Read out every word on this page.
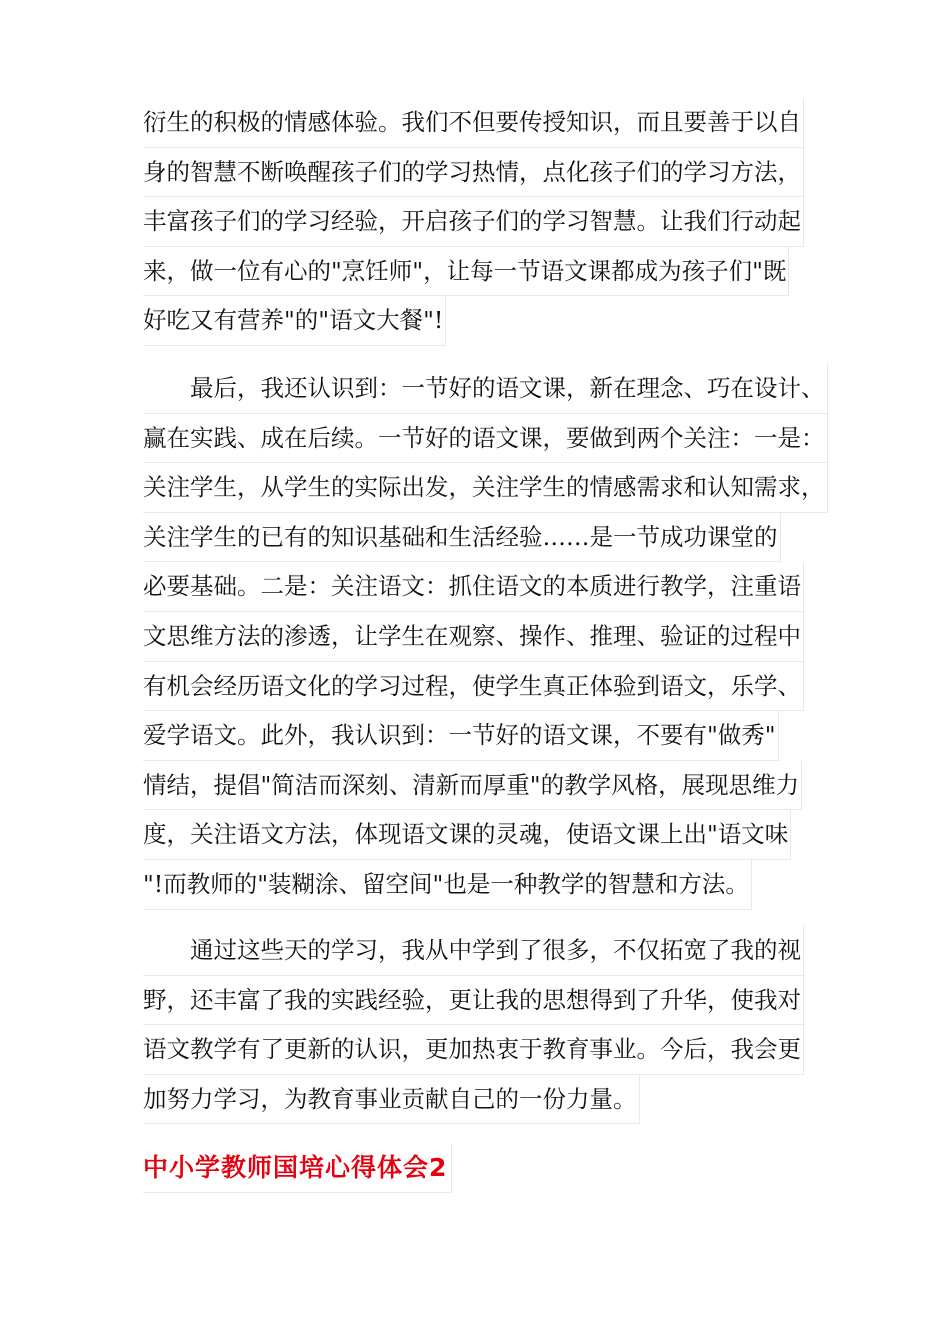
衍生的积极的情感体验。我们不但要传授知识，而且要善于以自
身的智慧不断唤醒孩子们的学习热情，点化孩子们的学习方法，
丰富孩子们的学习经验，开启孩子们的学习智慧。让我们行动起
来，做一位有心的"烹饪师"，让每一节语文课都成为孩子们"既
好吃又有营养"的"语文大餐"!
最后，我还认识到：一节好的语文课，新在理念、巧在设计、
赢在实践、成在后续。一节好的语文课，要做到两个关注：一是：
关注学生，从学生的实际出发，关注学生的情感需求和认知需求，
关注学生的已有的知识基础和生活经验……是一节成功课堂的
必要基础。二是：关注语文：抓住语文的本质进行教学，注重语
文思维方法的渗透，让学生在观察、操作、推理、验证的过程中
有机会经历语文化的学习过程，使学生真正体验到语文，乐学、
爱学语文。此外，我认识到：一节好的语文课，不要有"做秀"
情结，提倡"简洁而深刻、清新而厚重"的教学风格，展现思维力
度，关注语文方法，体现语文课的灵魂，使语文课上出"语文味
"!而教师的"装糊涂、留空间"也是一种教学的智慧和方法。
通过这些天的学习，我从中学到了很多，不仅拓宽了我的视
野，还丰富了我的实践经验，更让我的思想得到了升华，使我对
语文教学有了更新的认识，更加热衷于教育事业。今后，我会更
加努力学习，为教育事业贡献自己的一份力量。
中小学教师国培心得体会2
